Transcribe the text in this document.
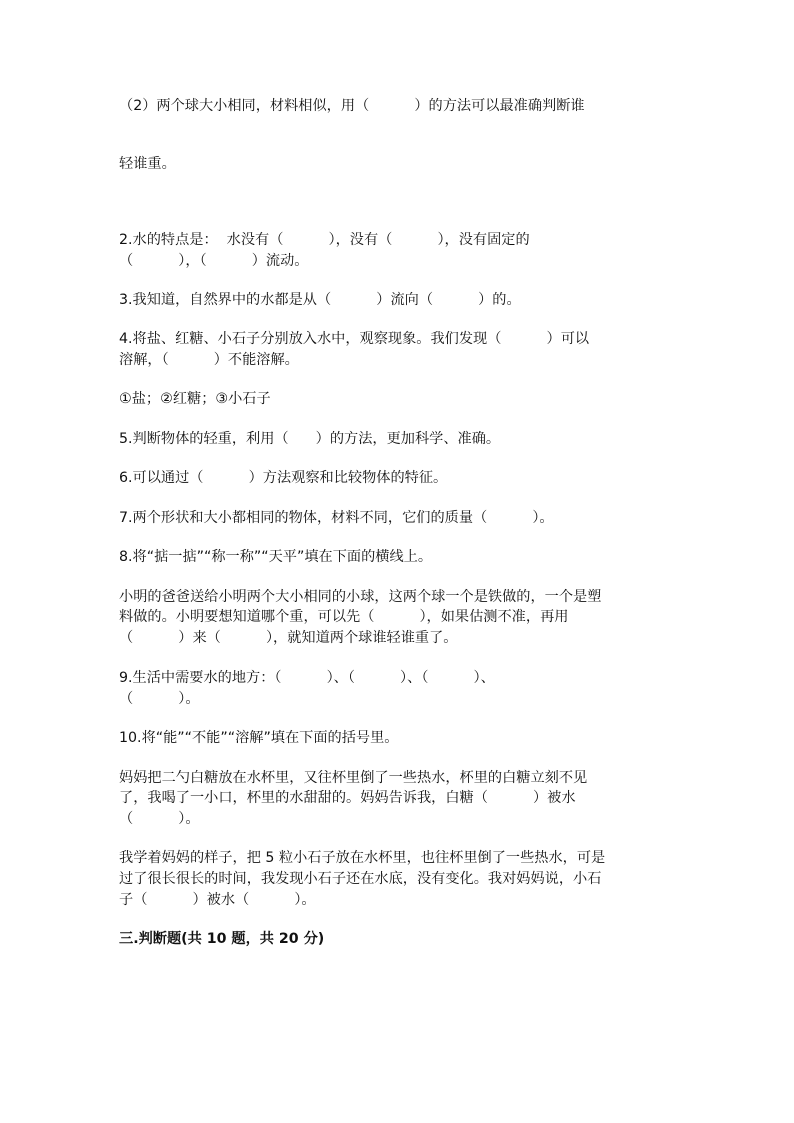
（2）两个球大小相同，材料相似，用（          ）的方法可以最准确判断谁
轻谁重。
2.水的特点是：  水没有（          ），没有（          ），没有固定的
（          ），（          ）流动。
3.我知道，自然界中的水都是从（          ）流向（          ）的。
4.将盐、红糖、小石子分别放入水中，观察现象。我们发现（          ）可以
溶解，（          ）不能溶解。
①盐；②红糖；③小石子
5.判断物体的轻重，利用（      ）的方法，更加科学、准确。
6.可以通过（          ）方法观察和比较物体的特征。
7.两个形状和大小都相同的物体，材料不同，它们的质量（          ）。
8.将“掂一掂”“称一称”“天平”填在下面的横线上。
小明的爸爸送给小明两个大小相同的小球，这两个球一个是铁做的，一个是塑
料做的。小明要想知道哪个重，可以先（          ），如果估测不准，再用
（          ）来（          ），就知道两个球谁轻谁重了。
9.生活中需要水的地方：（          ）、（          ）、（          ）、
（          ）。
10.将“能”“不能”“溶解”填在下面的括号里。
妈妈把二勺白糖放在水杯里，又往杯里倒了一些热水，杯里的白糖立刻不见
了，我喝了一小口，杯里的水甜甜的。妈妈告诉我，白糖（          ）被水
（          ）。
我学着妈妈的样子，把 5 粒小石子放在水杯里，也往杯里倒了一些热水，可是
过了很长很长的时间，我发现小石子还在水底，没有变化。我对妈妈说，小石
子（          ）被水（          ）。
三.判断题(共 10 题，共 20 分)
